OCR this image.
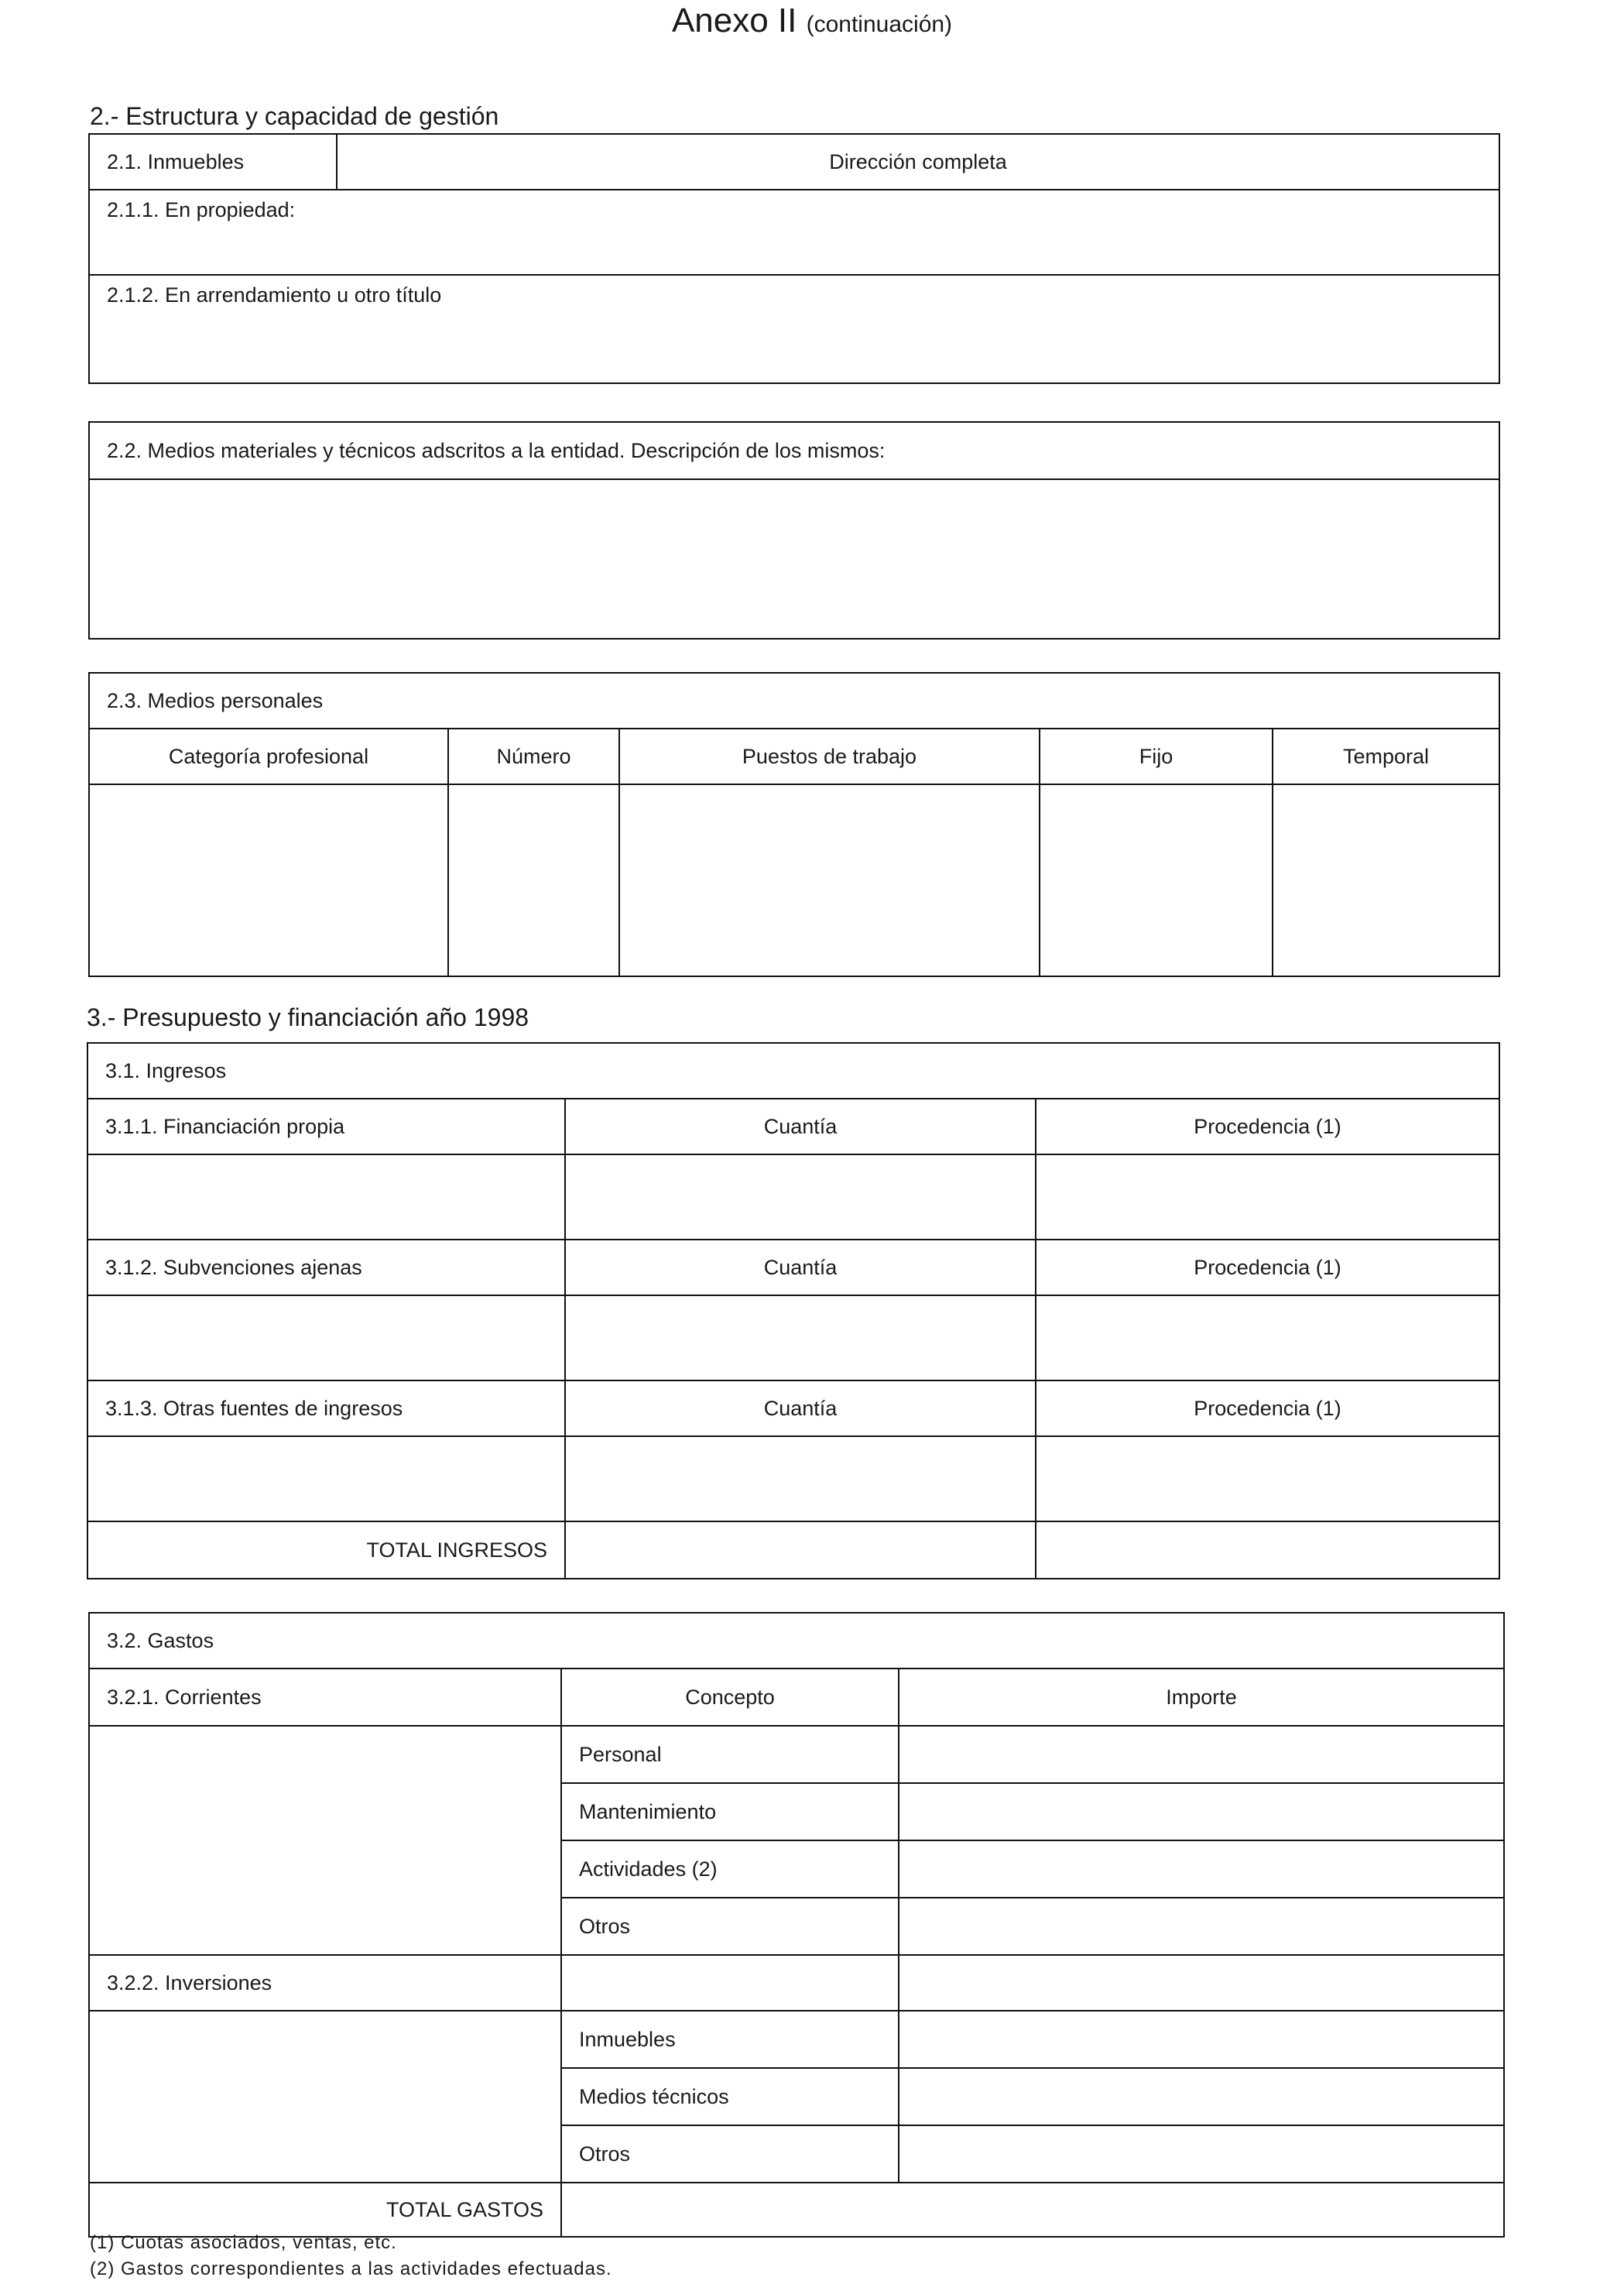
Anexo II (continuación)
2.- Estructura y capacidad de gestión
2.1. Inmuebles	Dirección completa
2.1.1. En propiedad:
2.1.2. En arrendamiento u otro título
2.2. Medios materiales y técnicos adscritos a la entidad. Descripción de los mismos:

2.3. Medios personales				
Categoría profesional	Número	Puestos de trabajo	Fijo	Temporal

3.- Presupuesto y financiación año 1998
3.1. Ingresos		
3.1.1. Financiación propia	Cuantía	Procedencia (1)

3.1.2. Subvenciones ajenas	Cuantía	Procedencia (1)

3.1.3. Otras fuentes de ingresos	Cuantía	Procedencia (1)

TOTAL INGRESOS		
3.2. Gastos		
3.2.1. Corrientes	Concepto	Importe
	Personal	
	Mantenimiento	
	Actividades (2)	
	Otros	
3.2.2. Inversiones		
	Inmuebles	
	Medios técnicos	
	Otros	
TOTAL GASTOS		
(1) Cuotas asociados, ventas, etc.
(2) Gastos correspondientes a las actividades efectuadas.
